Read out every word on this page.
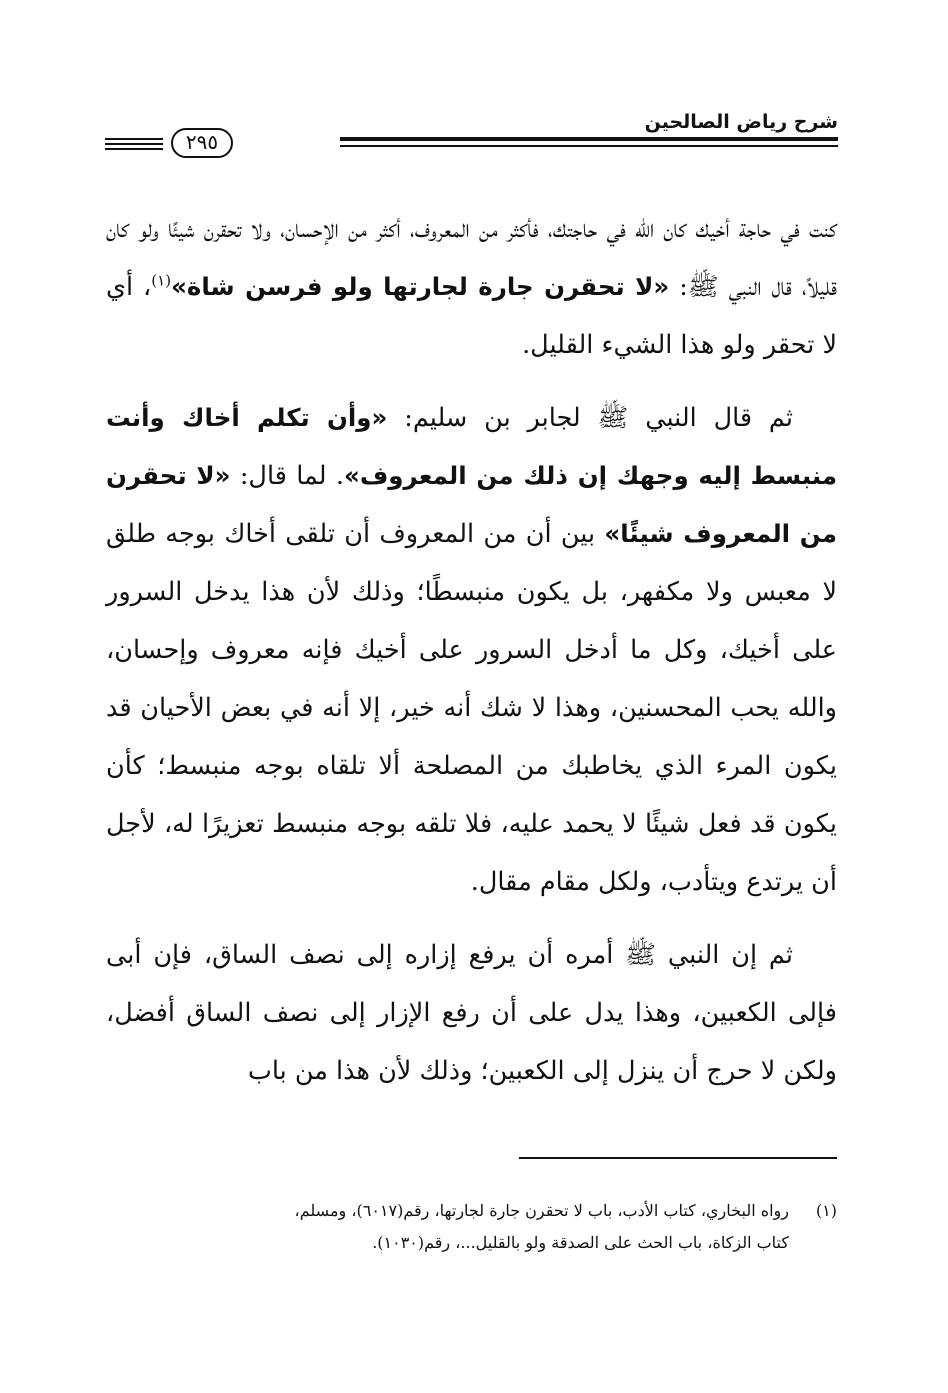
شرح رياض الصالحين
٢٩٥

كنت في حاجة أخيك كان الله في حاجتك، فأكثر من المعروف، أكثر من الإحسان، ولا تحقرن شيئًا ولو كان قليلاً، قال النبي ﷺ: «لا تحقرن جارة لجارتها ولو فرسن شاة»$^{(١)}$، أي لا تحقر ولو هذا الشيء القليل.

ثم قال النبي ﷺ لجابر بن سليم: «وأن تكلم أخاك وأنت منبسط إليه وجهك إن ذلك من المعروف». لما قال: «لا تحقرن من المعروف شيئًا» بين أن من المعروف أن تلقى أخاك بوجه طلق لا معبس ولا مكفهر، بل يكون منبسطًا؛ وذلك لأن هذا يدخل السرور على أخيك، وكل ما أدخل السرور على أخيك فإنه معروف وإحسان، والله يحب المحسنين، وهذا لا شك أنه خير، إلا أنه في بعض الأحيان قد يكون المرء الذي يخاطبك من المصلحة ألا تلقاه بوجه منبسط؛ كأن يكون قد فعل شيئًا لا يحمد عليه، فلا تلقه بوجه منبسط تعزيرًا له، لأجل أن يرتدع ويتأدب، ولكل مقام مقال.

ثم إن النبي ﷺ أمره أن يرفع إزاره إلى نصف الساق، فإن أبى فإلى الكعبين، وهذا يدل على أن رفع الإزار إلى نصف الساق أفضل، ولكن لا حرج أن ينزل إلى الكعبين؛ وذلك لأن هذا من باب

(١)رواه البخاري، كتاب الأدب، باب لا تحقرن جارة لجارتها، رقم(٦٠١٧)، ومسلم،

كتاب الزكاة، باب الحث على الصدقة ولو بالقليل...، رقم(١٠٣٠).
